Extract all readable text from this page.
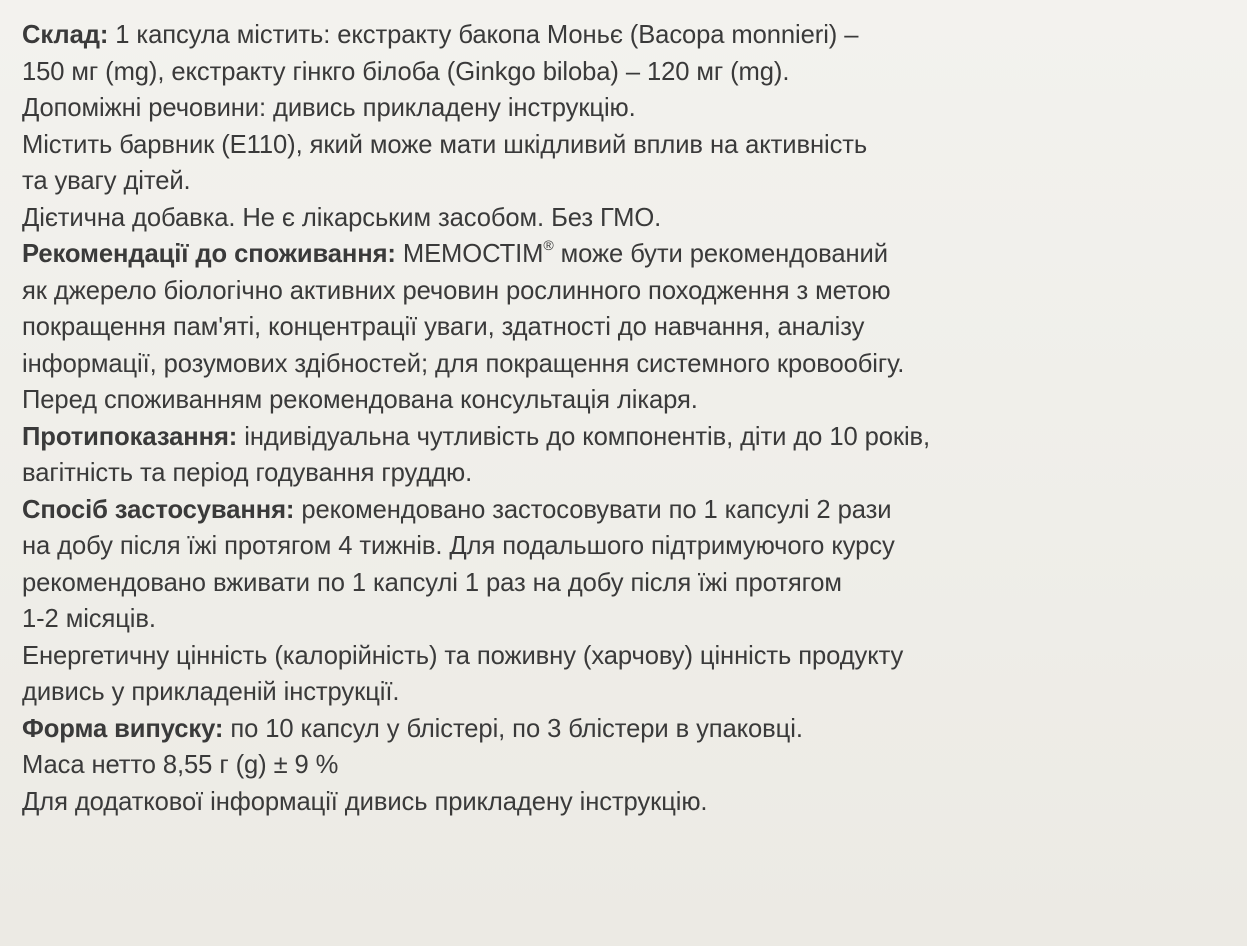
Склад: 1 капсула містить: екстракту бакопа Моньє (Bacopa monnieri) –
150 мг (mg), екстракту гінкго білоба (Ginkgo biloba) – 120 мг (mg).
Допоміжні речовини: дивись прикладену інструкцію.
Містить барвник (E110), який може мати шкідливий вплив на активність
та увагу дітей.
Дієтична добавка. Не є лікарським засобом. Без ГМО.
Рекомендації до споживання: МЕМОСТІМ® може бути рекомендований
як джерело біологічно активних речовин рослинного походження з метою
покращення пам'яті, концентрації уваги, здатності до навчання, аналізу
інформації, розумових здібностей; для покращення системного кровообігу.
Перед споживанням рекомендована консультація лікаря.
Протипоказання: індивідуальна чутливість до компонентів, діти до 10 років,
вагітність та період годування груддю.
Спосіб застосування: рекомендовано застосовувати по 1 капсулі 2 рази
на добу після їжі протягом 4 тижнів. Для подальшого підтримуючого курсу
рекомендовано вживати по 1 капсулі 1 раз на добу після їжі протягом
1-2 місяців.
Енергетичну цінність (калорійність) та поживну (харчову) цінність продукту
дивись у прикладеній інструкції.
Форма випуску: по 10 капсул у блістері, по 3 блістери в упаковці.
Маса нетто 8,55 г (g) ± 9 %
Для додаткової інформації дивись прикладену інструкцію.
